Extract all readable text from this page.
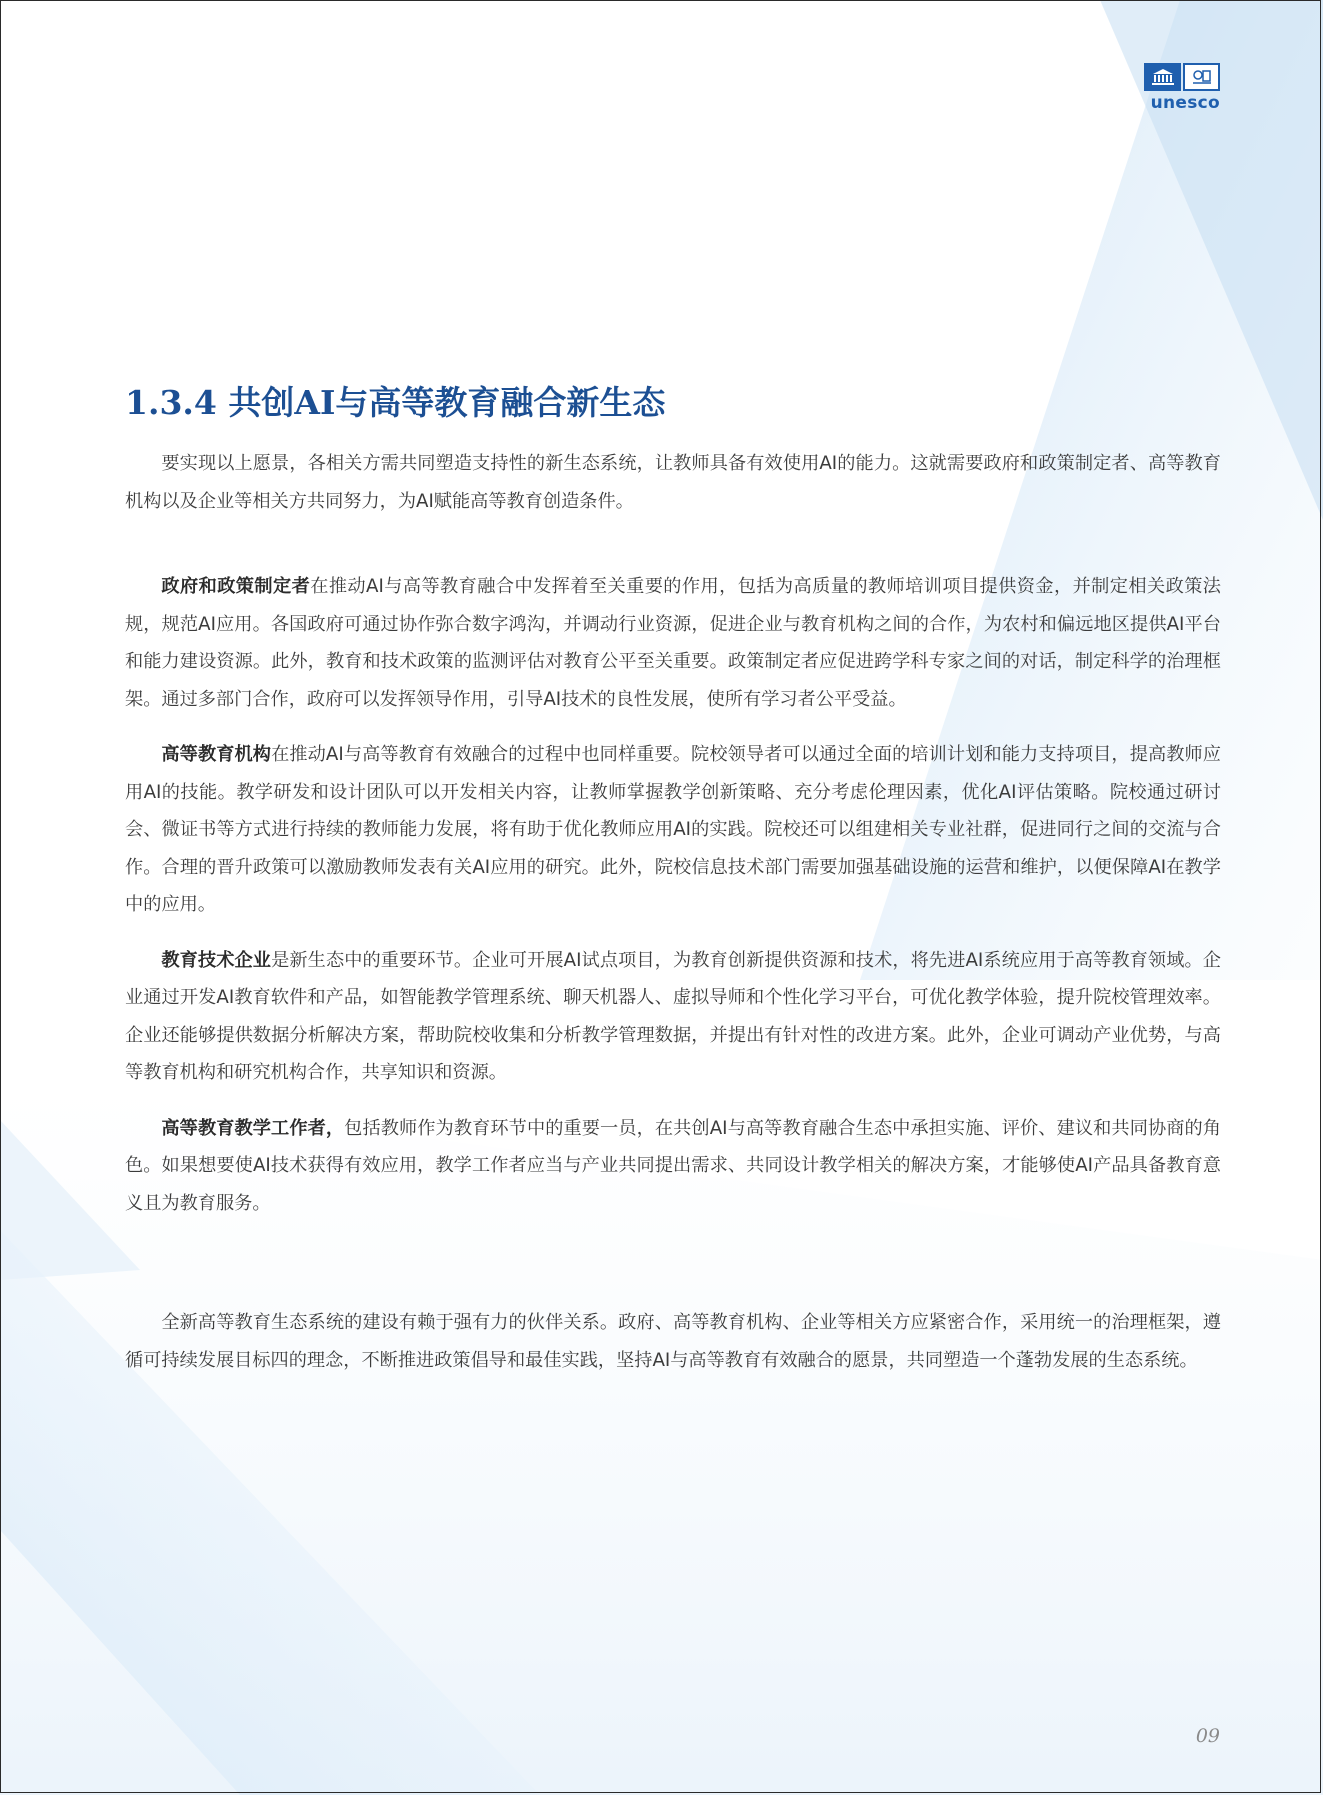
unesco
1.3.4 共创AI与高等教育融合新生态

要实现以上愿景，各相关方需共同塑造支持性的新生态系统，让教师具备有效使用AI的能力。这就需要政府和政策制定者、高等教育机构以及企业等相关方共同努力，为AI赋能高等教育创造条件。

政府和政策制定者在推动AI与高等教育融合中发挥着至关重要的作用，包括为高质量的教师培训项目提供资金，并制定相关政策法规，规范AI应用。各国政府可通过协作弥合数字鸿沟，并调动行业资源，促进企业与教育机构之间的合作，为农村和偏远地区提供AI平台和能力建设资源。此外，教育和技术政策的监测评估对教育公平至关重要。政策制定者应促进跨学科专家之间的对话，制定科学的治理框架。通过多部门合作，政府可以发挥领导作用，引导AI技术的良性发展，使所有学习者公平受益。

高等教育机构在推动AI与高等教育有效融合的过程中也同样重要。院校领导者可以通过全面的培训计划和能力支持项目，提高教师应用AI的技能。教学研发和设计团队可以开发相关内容，让教师掌握教学创新策略、充分考虑伦理因素，优化AI评估策略。院校通过研讨会、微证书等方式进行持续的教师能力发展，将有助于优化教师应用AI的实践。院校还可以组建相关专业社群，促进同行之间的交流与合作。合理的晋升政策可以激励教师发表有关AI应用的研究。此外，院校信息技术部门需要加强基础设施的运营和维护，以便保障AI在教学中的应用。

教育技术企业是新生态中的重要环节。企业可开展AI试点项目，为教育创新提供资源和技术，将先进AI系统应用于高等教育领域。企业通过开发AI教育软件和产品，如智能教学管理系统、聊天机器人、虚拟导师和个性化学习平台，可优化教学体验，提升院校管理效率。企业还能够提供数据分析解决方案，帮助院校收集和分析教学管理数据，并提出有针对性的改进方案。此外，企业可调动产业优势，与高等教育机构和研究机构合作，共享知识和资源。

高等教育教学工作者，包括教师作为教育环节中的重要一员，在共创AI与高等教育融合生态中承担实施、评价、建议和共同协商的角色。如果想要使AI技术获得有效应用，教学工作者应当与产业共同提出需求、共同设计教学相关的解决方案，才能够使AI产品具备教育意义且为教育服务。

全新高等教育生态系统的建设有赖于强有力的伙伴关系。政府、高等教育机构、企业等相关方应紧密合作，采用统一的治理框架，遵循可持续发展目标四的理念，不断推进政策倡导和最佳实践，坚持AI与高等教育有效融合的愿景，共同塑造一个蓬勃发展的生态系统。

09
